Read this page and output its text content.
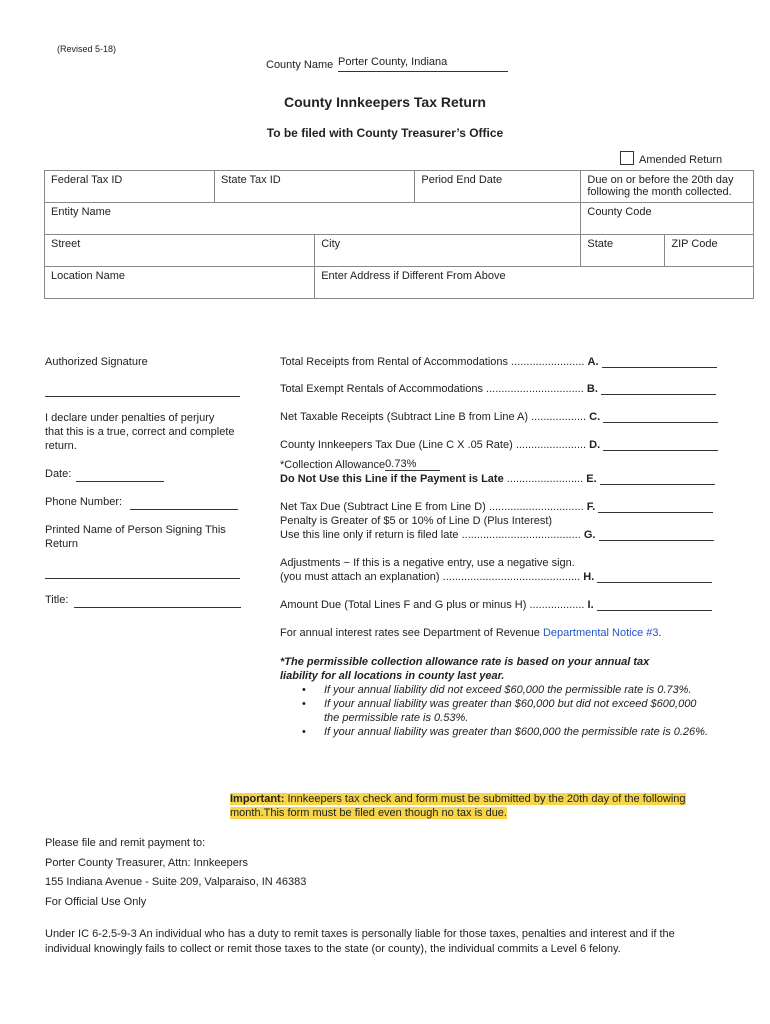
(Revised 5-18)
County Name Porter County, Indiana
County Innkeepers Tax Return
To be filed with County Treasurer’s Office
Amended Return
Federal Tax ID	State Tax ID		Period End Date	Due on or before the 20th day
following the month collected.	

Entity Name				County Code	
Street		City		State	ZIP Code
Location Name		Enter Address if Different From Above			
Authorized Signature
I declare under penalties of perjury
that this is a true, correct and complete
return.
Date:
Phone Number:
Printed Name of Person Signing This
Return
Title:
Total Receipts from Rental of Accommodations ........................ A.
Total Exempt Rentals of Accommodations ................................ B.
Net Taxable Receipts (Subtract Line B from Line A) .................. C.
County Innkeepers Tax Due (Line C X .05 Rate) ....................... D.
*Collection Allowance0.73%
Do Not Use this Line if the Payment is Late ......................... E.
Net Tax Due (Subtract Line E from Line D) ............................... F.
Penalty is Greater of $5 or 10% of Line D (Plus Interest)
Use this line only if return is filed late ....................................... G.
Adjustments − If this is a negative entry, use a negative sign.
(you must attach an explanation) ............................................. H.
Amount Due (Total Lines F and G plus or minus H) .................. I.
For annual interest rates see Department of Revenue Departmental Notice #3.
*The permissible collection allowance rate is based on your annual tax
liability for all locations in county last year.
• If your annual liability did not exceed $60,000 the permissible rate is 0.73%.
• If your annual liability was greater than $60,000 but did not exceed $600,000
the permissible rate is 0.53%.
• If your annual liability was greater than $600,000 the permissible rate is 0.26%.
Important: Innkeepers tax check and form must be submitted by the 20th day of the following
month.This form must be filed even though no tax is due.
Please file and remit payment to:
Porter County Treasurer, Attn: Innkeepers
155 Indiana Avenue - Suite 209, Valparaiso, IN 46383
For Official Use Only
Under IC 6-2.5-9-3 An individual who has a duty to remit taxes is personally liable for those taxes, penalties and interest and if the
individual knowingly fails to collect or remit those taxes to the state (or county), the individual commits a Level 6 felony.
